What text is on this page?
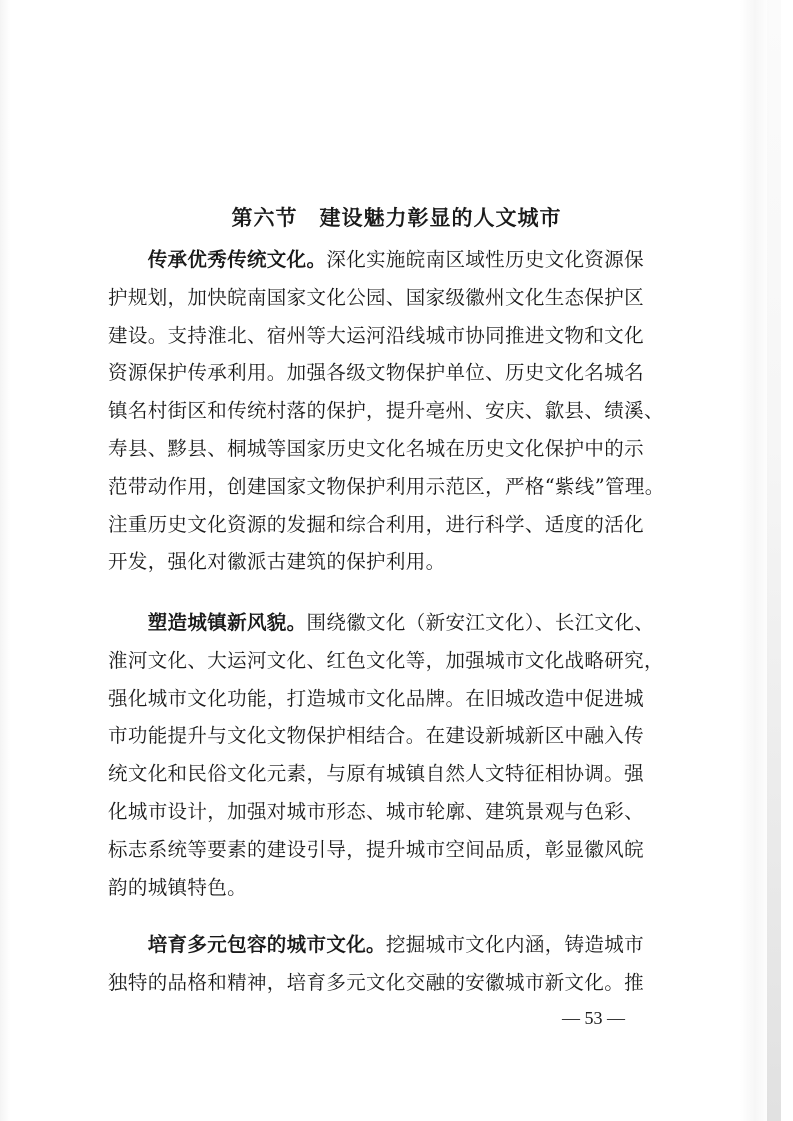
第六节　建设魅力彰显的人文城市
　　传承优秀传统文化。深化实施皖南区域性历史文化资源保
护规划，加快皖南国家文化公园、国家级徽州文化生态保护区
建设。支持淮北、宿州等大运河沿线城市协同推进文物和文化
资源保护传承利用。加强各级文物保护单位、历史文化名城名
镇名村街区和传统村落的保护，提升亳州、安庆、歙县、绩溪、
寿县、黟县、桐城等国家历史文化名城在历史文化保护中的示
范带动作用，创建国家文物保护利用示范区，严格“紫线”管理。
注重历史文化资源的发掘和综合利用，进行科学、适度的活化
开发，强化对徽派古建筑的保护利用。
　　塑造城镇新风貌。围绕徽文化（新安江文化）、长江文化、
淮河文化、大运河文化、红色文化等，加强城市文化战略研究，
强化城市文化功能，打造城市文化品牌。在旧城改造中促进城
市功能提升与文化文物保护相结合。在建设新城新区中融入传
统文化和民俗文化元素，与原有城镇自然人文特征相协调。强
化城市设计，加强对城市形态、城市轮廓、建筑景观与色彩、
标志系统等要素的建设引导，提升城市空间品质，彰显徽风皖
韵的城镇特色。
　　培育多元包容的城市文化。挖掘城市文化内涵，铸造城市
独特的品格和精神，培育多元文化交融的安徽城市新文化。推
— 53 —
